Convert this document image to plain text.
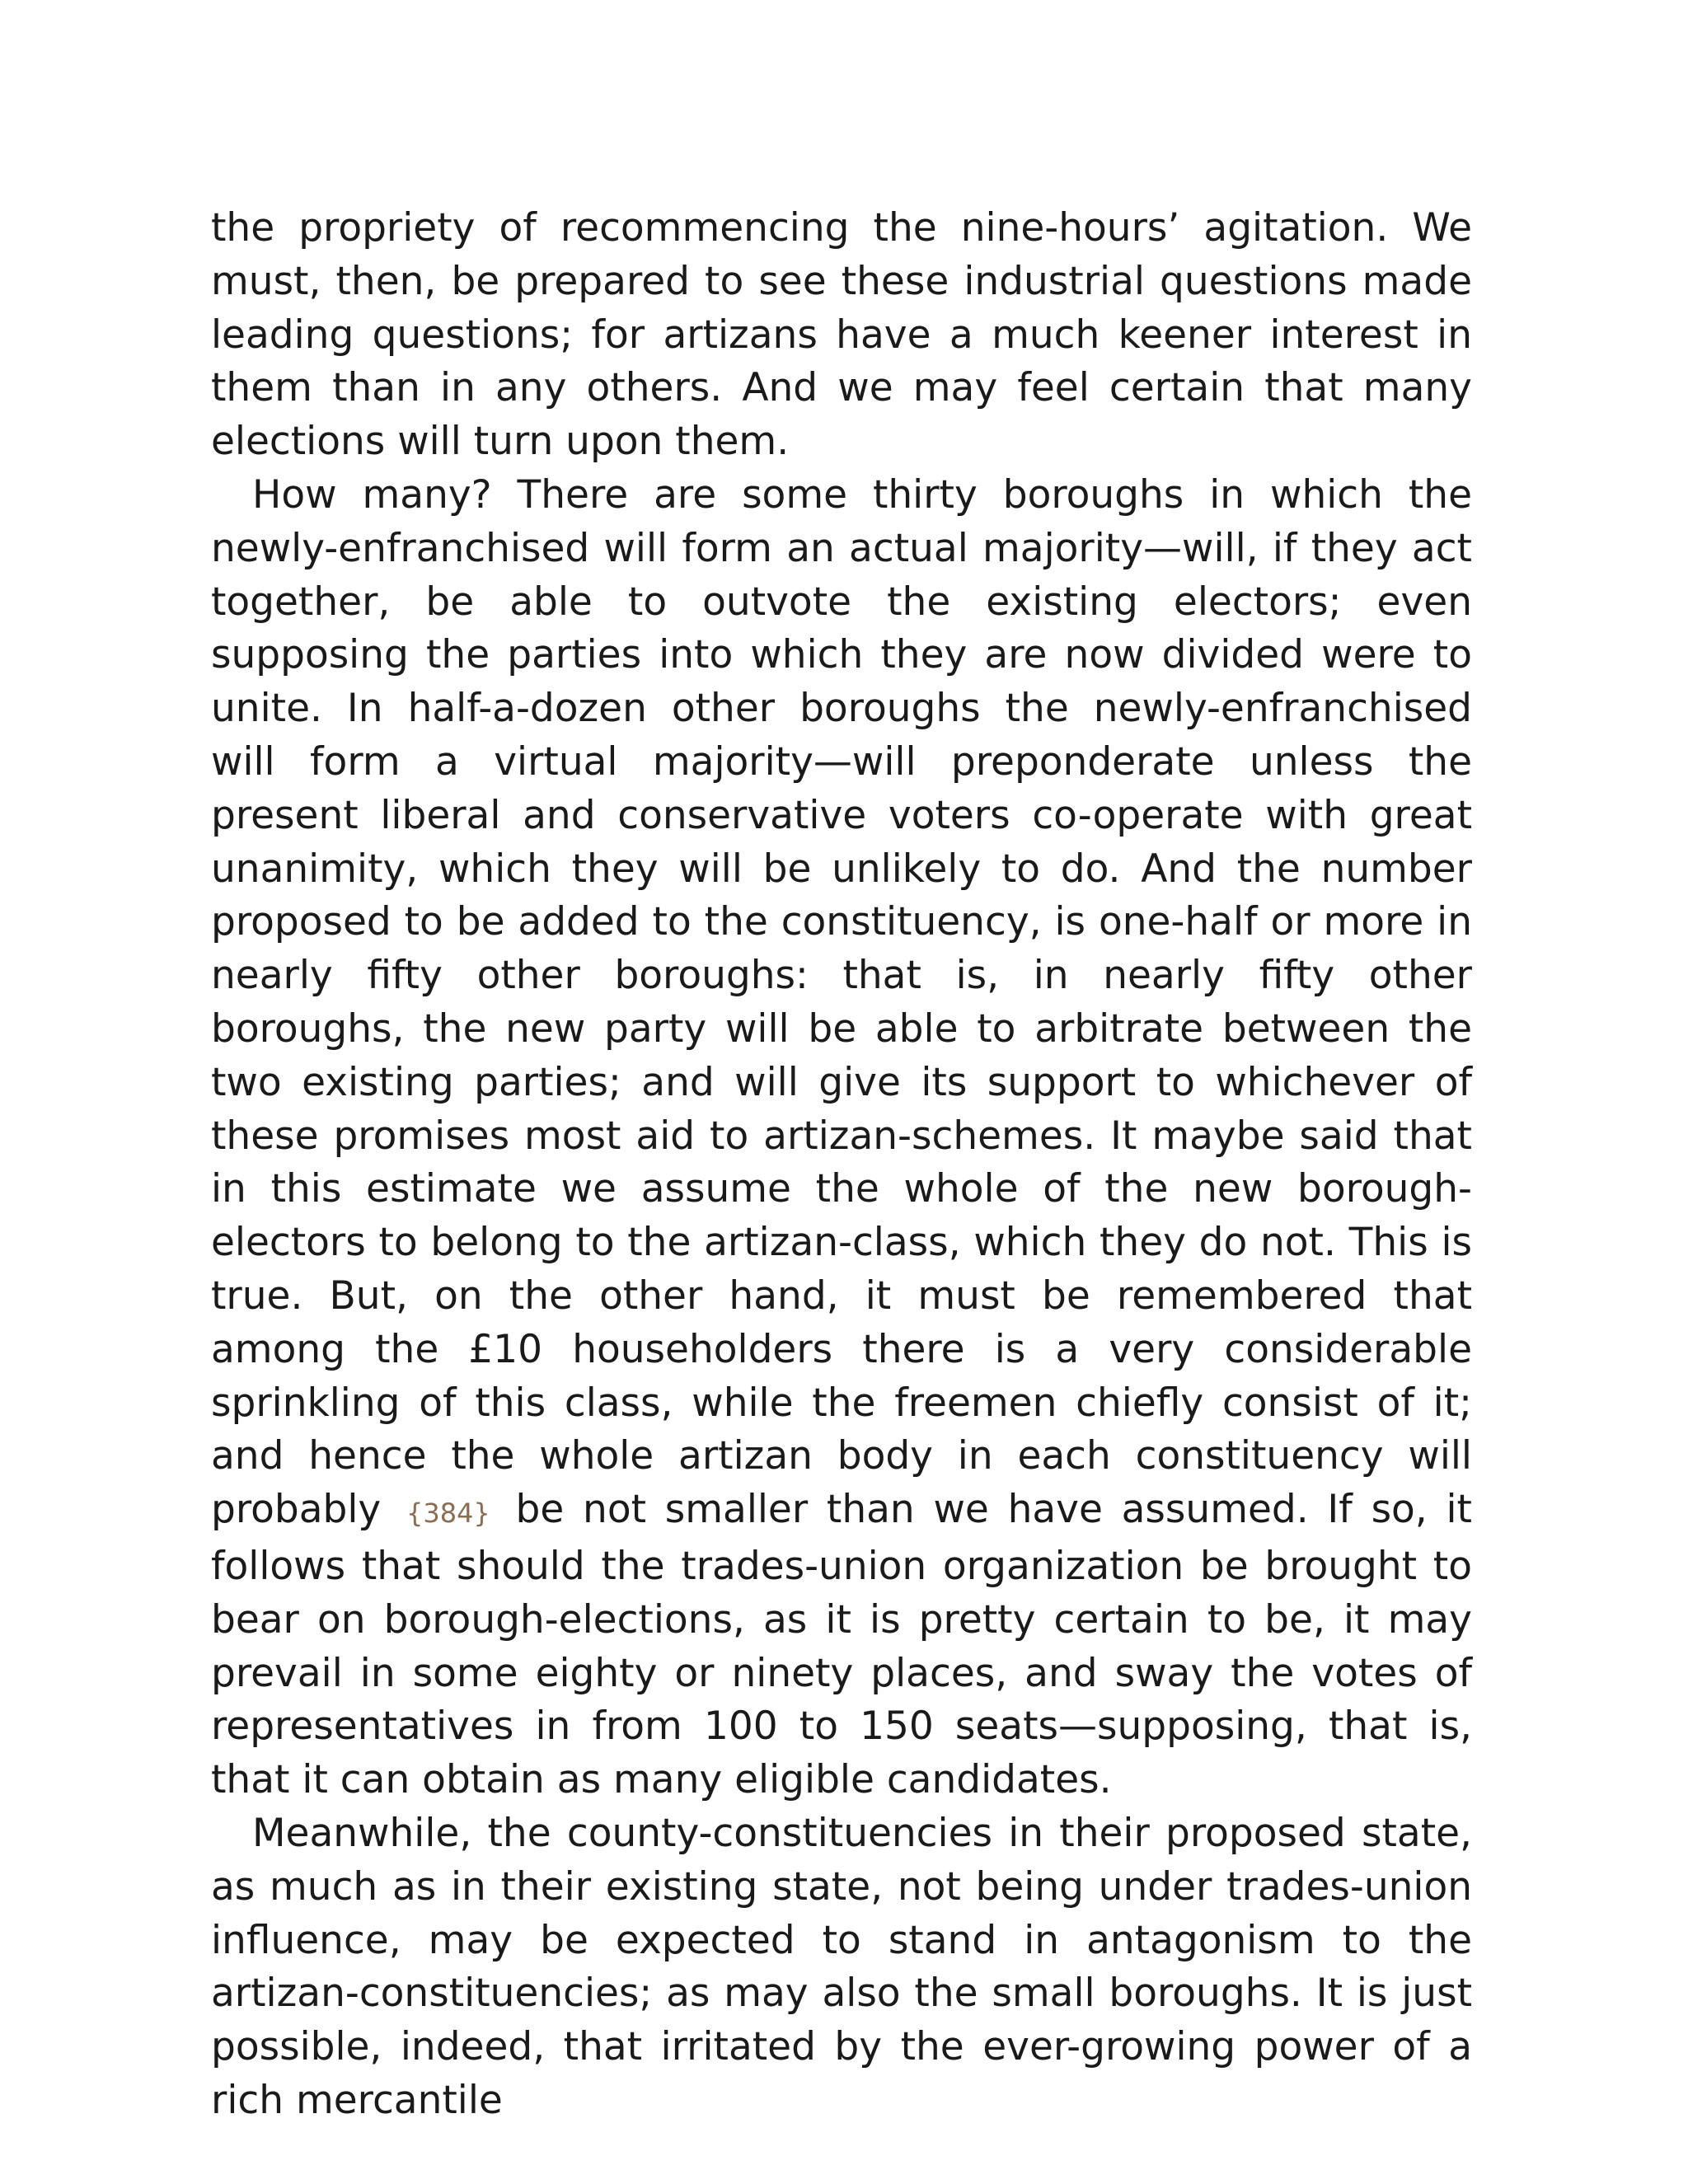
the propriety of recommencing the nine-hours’ agitation. We must, then, be prepared to see these industrial questions made leading questions; for artizans have a much keener interest in them than in any others. And we may feel certain that many elections will turn upon them.

How many? There are some thirty boroughs in which the newly-enfranchised will form an actual majority—will, if they act together, be able to outvote the existing electors; even supposing the parties into which they are now divided were to unite. In half-a-dozen other boroughs the newly-enfranchised will form a virtual majority—will preponderate unless the present liberal and conservative voters co-operate with great unanimity, which they will be unlikely to do. And the number proposed to be added to the constituency, is one-half or more in nearly fifty other boroughs: that is, in nearly fifty other boroughs, the new party will be able to arbitrate between the two existing parties; and will give its support to whichever of these promises most aid to artizan-schemes. It maybe said that in this estimate we assume the whole of the new borough-electors to belong to the artizan-class, which they do not. This is true. But, on the other hand, it must be remembered that among the £10 householders there is a very considerable sprinkling of this class, while the freemen chiefly consist of it; and hence the whole artizan body in each constituency will probably {384} be not smaller than we have assumed. If so, it follows that should the trades-union organization be brought to bear on borough-elections, as it is pretty certain to be, it may prevail in some eighty or ninety places, and sway the votes of representatives in from 100 to 150 seats—supposing, that is, that it can obtain as many eligible candidates.

Meanwhile, the county-constituencies in their proposed state, as much as in their existing state, not being under trades-union influence, may be expected to stand in antagonism to the artizan-constituencies; as may also the small boroughs. It is just possible, indeed, that irritated by the ever-growing power of a rich mercantile
